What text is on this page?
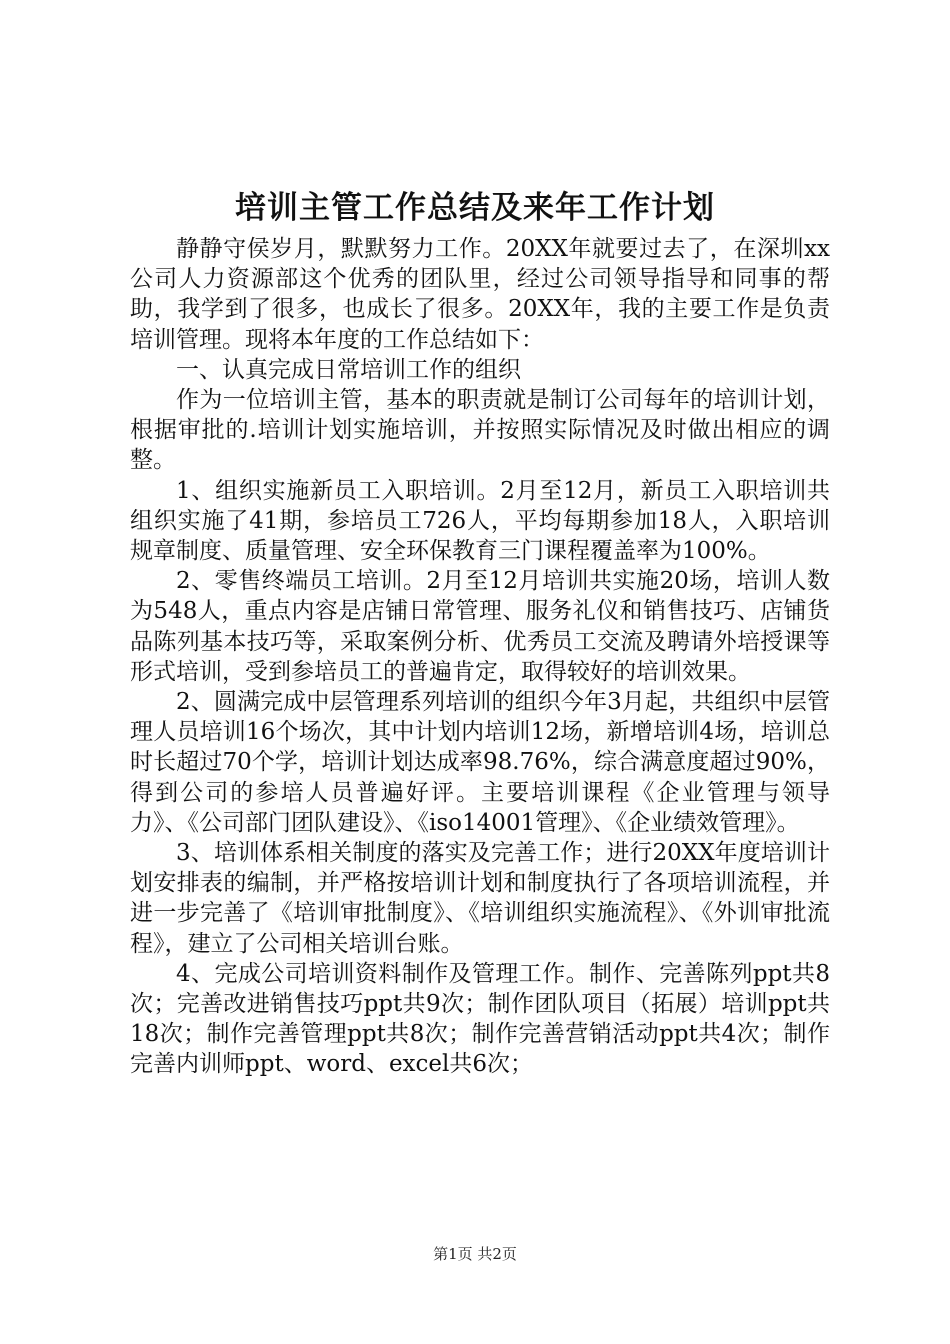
培训主管工作总结及来年工作计划

静静守侯岁月，默默努力工作。20XX年就要过去了，在深圳xx公司人力资源部这个优秀的团队里，经过公司领导指导和同事的帮助，我学到了很多，也成长了很多。20XX年，我的主要工作是负责培训管理。现将本年度的工作总结如下：

一、认真完成日常培训工作的组织

作为一位培训主管，基本的职责就是制订公司每年的培训计划，根据审批的.培训计划实施培训，并按照实际情况及时做出相应的调整。

1、组织实施新员工入职培训。2月至12月，新员工入职培训共组织实施了41期，参培员工726人，平均每期参加18人，入职培训规章制度、质量管理、安全环保教育三门课程覆盖率为100%。

2、零售终端员工培训。2月至12月培训共实施20场，培训人数为548人，重点内容是店铺日常管理、服务礼仪和销售技巧、店铺货品陈列基本技巧等，采取案例分析、优秀员工交流及聘请外培授课等形式培训，受到参培员工的普遍肯定，取得较好的培训效果。

2、圆满完成中层管理系列培训的组织今年3月起，共组织中层管理人员培训16个场次，其中计划内培训12场，新增培训4场，培训总时长超过70个学，培训计划达成率98.76%，综合满意度超过90%，得到公司的参培人员普遍好评。主要培训课程《企业管理与领导力》、《公司部门团队建设》、《iso14001管理》、《企业绩效管理》。

3、培训体系相关制度的落实及完善工作；进行20XX年度培训计划安排表的编制，并严格按培训计划和制度执行了各项培训流程，并进一步完善了《培训审批制度》、《培训组织实施流程》、《外训审批流程》，建立了公司相关培训台账。

4、完成公司培训资料制作及管理工作。制作、完善陈列ppt共8次；完善改进销售技巧ppt共9次；制作团队项目（拓展）培训ppt共18次；制作完善管理ppt共8次；制作完善营销活动ppt共4次；制作完善内训师ppt、word、excel共6次；

第1页 共2页
